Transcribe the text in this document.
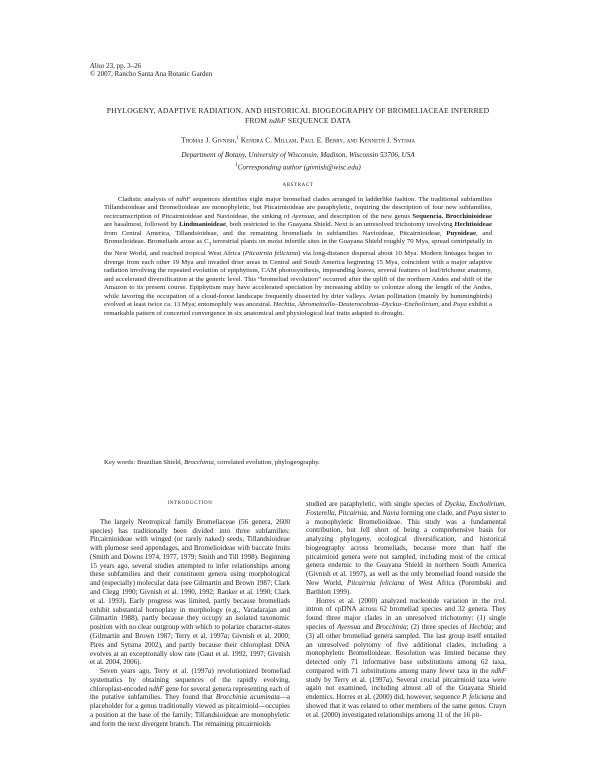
Aliso 23, pp. 3–26
© 2007, Rancho Santa Ana Botanic Garden
PHYLOGENY, ADAPTIVE RADIATION, AND HISTORICAL BIOGEOGRAPHY OF BROMELIACEAE INFERRED
FROM ndhF SEQUENCE DATA
Thomas J. Givnish,$^1$ Kendra C. Millam, Paul E. Berry, and Kenneth J. Sytsma
Department of Botany, University of Wisconsin, Madison, Wisconsin 53706, USA
$^1$Corresponding author (givnish@wisc.edu)
ABSTRACT

Cladistic analysis of ndhF sequences identifies eight major bromeliad clades arranged in ladderlike fashion. The traditional subfamilies Tillandsioideae and Bromelioideae are monophyletic, but Pitcairnioideae are paraphyletic, requiring the description of four new subfamilies, recircumscription of Pitcairnioideae and Navioideae, the sinking of Ayensua, and description of the new genus Sequencia. Brocchinioideae are basalmost, followed by Lindmanioideae, both restricted to the Guayana Shield. Next is an unresolved trichotomy involving Hechtioideae from Central America, Tillandsioideae, and the remaining bromeliads in subfamilies Navioideae, Pitcairnioideae, Puyoideae, and Bromelioideae. Bromeliads arose as $C_3$ terrestrial plants on moist infertile sites in the Guayana Shield roughly 70 Mya, spread centripetally in the New World, and reached tropical West Africa (Pitcairnia feliciana) via long-distance dispersal about 10 Mya. Modern lineages began to diverge from each other 19 Mya and invaded drier areas in Central and South America beginning 15 Mya, coincident with a major adaptive radiation involving the repeated evolution of epiphytism, CAM photosynthesis, impounding leaves, several features of leaf/trichome anatomy, and accelerated diversification at the generic level. This “bromeliad revolution” occurred after the uplift of the northern Andes and shift of the Amazon to its present course. Epiphytism may have accelerated speciation by increasing ability to colonize along the length of the Andes, while favoring the occupation of a cloud-forest landscape frequently dissected by drier valleys. Avian pollination (mainly by hummingbirds) evolved at least twice ca. 13 Mya; entomophily was ancestral. Hechtia, Abromeitiella–Deuterocohnia–Dyckia–Encholirium, and Puya exhibit a remarkable pattern of concerted convergence in six anatomical and physiological leaf traits adapted to drought.

Key words: Brazilian Shield, Brocchinia, correlated evolution, phylogeography.
INTRODUCTION

The largely Neotropical family Bromeliaceae (56 genera, 2600 species) has traditionally been divided into three subfamilies: Pitcairnioideae with winged (or rarely naked) seeds, Tillandsioideae with plumose seed appendages, and Bromelioideae with baccate fruits (Smith and Downs 1974, 1977, 1979; Smith and Till 1998). Beginning 15 years ago, several studies attempted to infer relationships among these subfamilies and their constituent genera using morphological and (especially) molecular data (see Gilmartin and Brown 1987; Clark and Clegg 1990; Givnish et al. 1990, 1992; Ranker et al. 1990; Clark et al. 1993). Early progress was limited, partly because bromeliads exhibit substantial homoplasy in morphology (e.g., Varadarajan and Gilmartin 1988), partly because they occupy an isolated taxonomic position with no clear outgroup with which to polarize character-states (Gilmartin and Brown 1987; Terry et al. 1997a; Givnish et al. 2000; Pires and Sytsma 2002), and partly because their chloroplast DNA evolves at an exceptionally slow rate (Gaut et al. 1992, 1997; Givnish et al. 2004, 2006).

Seven years ago, Terry et al. (1997a) revolutionized bromeliad systematics by obtaining sequences of the rapidly evolving, chloroplast-encoded ndhF gene for several genera representing each of the putative subfamilies. They found that Brocchinia acuminata—a placeholder for a genus traditionally viewed as pitcairnioid—occupies a position at the base of the family; Tillandsioideae are monophyletic and form the next divergent branch. The remaining pitcairnioids

studied are paraphyletic, with single species of Dyckia, Encholirium, Fosterella, Pitcairnia, and Navia forming one clade, and Puya sister to a monophyletic Bromelioideae. This study was a fundamental contribution, but fell short of being a comprehensive basis for analyzing phylogeny, ecological diversification, and historical biogeography across bromeliads, because more than half the pitcairnioid genera were not sampled, including most of the critical genera endemic to the Guayana Shield in northern South America (Givnish et al. 1997), as well as the only bromeliad found outside the New World, Pitcairnia feliciana of West Africa (Porembski and Barthlott 1999).

Horres et al. (2000) analyzed nucleotide variation in the trnL intron of cpDNA across 62 bromeliad species and 32 genera. They found three major clades in an unresolved trichotomy: (1) single species of Ayensua and Brocchinia; (2) three species of Hechtia; and (3) all other bromeliad genera sampled. The last group itself entailed an unresolved polytomy of five additional clades, including a monophyletic Bromelioideae. Resolution was limited because they detected only 71 informative base substitutions among 62 taxa, compared with 71 substitutions among many fewer taxa in the ndhF study by Terry et al. (1997a). Several crucial pitcairnioid taxa were again not examined, including almost all of the Guayana Shield endemics. Horres et al. (2000) did, however, sequence P. feliciana and showed that it was related to other members of the same genus. Crayn et al. (2000) investigated relationships among 11 of the 16 pit-
